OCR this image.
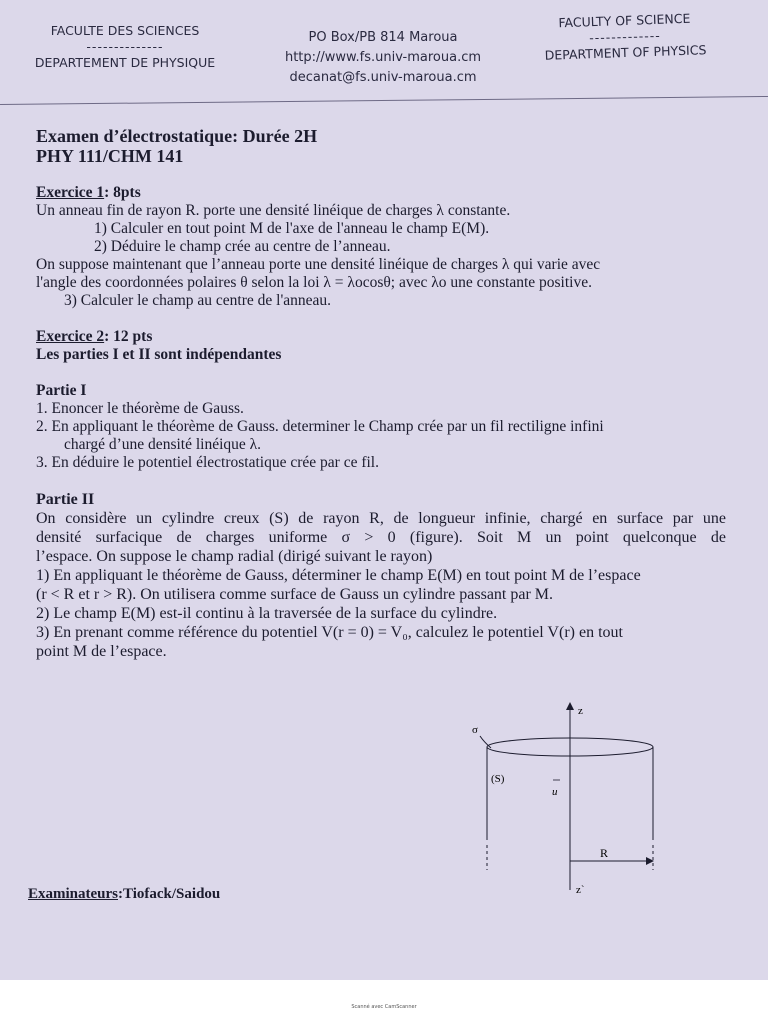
FACULTE DES SCIENCES
--------------
DEPARTEMENT DE PHYSIQUE
PO Box/PB 814 Maroua
http://www.fs.univ-maroua.cm
decanat@fs.univ-maroua.cm
FACULTY OF SCIENCE
-------------
DEPARTMENT OF PHYSICS

Examen d’électrostatique: Durée 2H

PHY 111/CHM 141

Exercice 1: 8pts

Un anneau fin de rayon R. porte une densité linéique de charges λ constante.

1) Calculer en tout point M de l'axe de l'anneau le champ E(M).

2) Déduire le champ crée au centre de l’anneau.

On suppose maintenant que l’anneau porte une densité linéique de charges λ qui varie avec

l'angle des coordonnées polaires θ selon la loi λ = λocosθ; avec λo une constante positive.

3) Calculer le champ au centre de l'anneau.

Exercice 2: 12 pts

Les parties I et II sont indépendantes

Partie I

1. Enoncer le théorème de Gauss.

2. En appliquant le théorème de Gauss. determiner le Champ crée par un fil rectiligne infini

chargé d’une densité linéique λ.

3. En déduire le potentiel électrostatique crée par ce fil.

Partie II

On considère un cylindre creux (S) de rayon R, de longueur infinie, chargé en surface par une

densité surfacique de charges uniforme σ > 0 (figure). Soit M un point quelconque de

l’espace. On suppose le champ radial (dirigé suivant le rayon)

1) En appliquant le théorème de Gauss, déterminer le champ E(M) en tout point M de l’espace

(r < R et r > R). On utilisera comme surface de Gauss un cylindre passant par M.

2) Le champ E(M) est-il continu à la traversée de la surface du cylindre.

3) En prenant comme référence du potentiel V(r = 0) = V₀, calculez le potentiel V(r) en tout

point M de l’espace.

z
z`
σ
(S)
u
R
Examinateurs:Tiofack/Saidou
Scanné avec CamScanner
